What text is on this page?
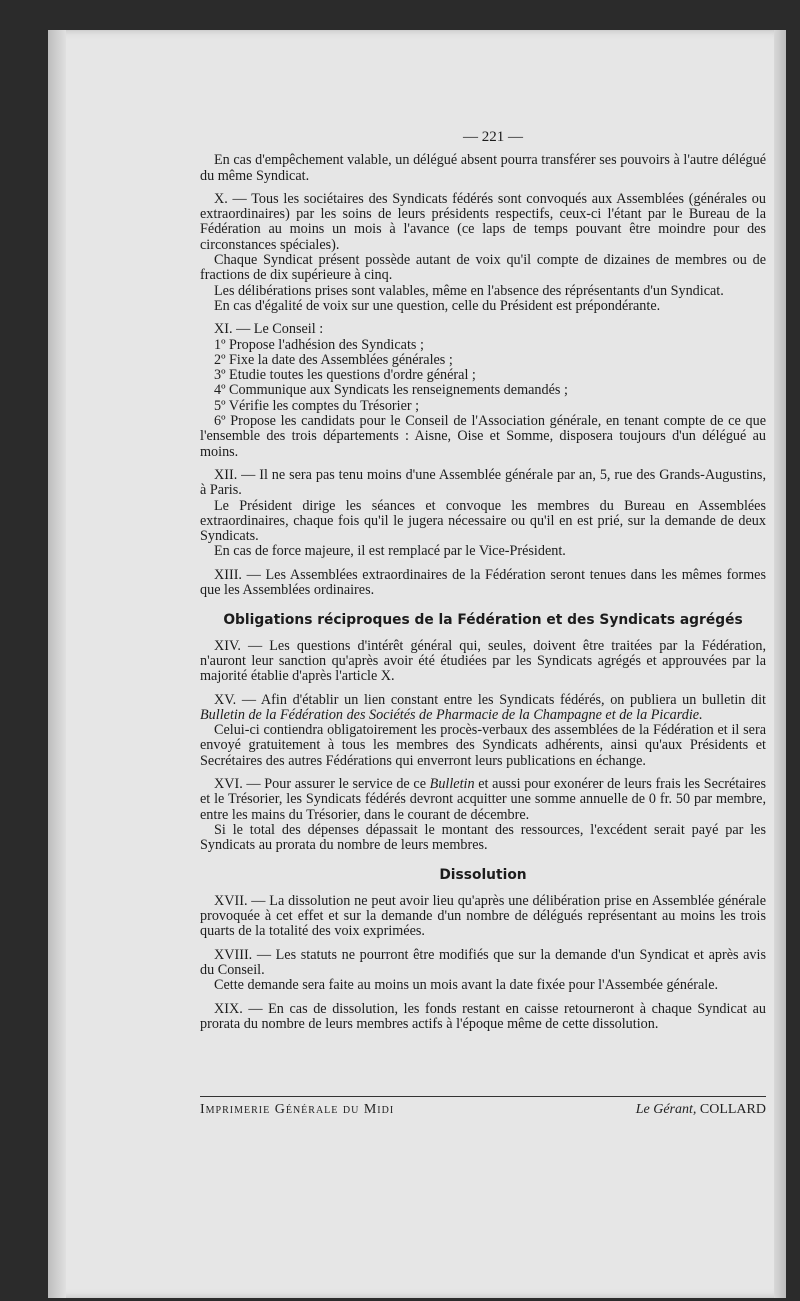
— 221 —

En cas d'empêchement valable, un délégué absent pourra transférer ses pouvoirs à l'autre délégué du même Syndicat.

X. — Tous les sociétaires des Syndicats fédérés sont convoqués aux Assemblées (générales ou extraordinaires) par les soins de leurs présidents respectifs, ceux-ci l'étant par le Bureau de la Fédération au moins un mois à l'avance (ce laps de temps pouvant être moindre pour des circonstances spéciales).

Chaque Syndicat présent possède autant de voix qu'il compte de dizaines de membres ou de fractions de dix supérieure à cinq.

Les délibérations prises sont valables, même en l'absence des réprésentants d'un Syndicat.

En cas d'égalité de voix sur une question, celle du Président est prépondérante.

XI. — Le Conseil :

1º Propose l'adhésion des Syndicats ;

2º Fixe la date des Assemblées générales ;

3º Etudie toutes les questions d'ordre général ;

4º Communique aux Syndicats les renseignements demandés ;

5º Vérifie les comptes du Trésorier ;

6º Propose les candidats pour le Conseil de l'Association générale, en tenant compte de ce que l'ensemble des trois départements : Aisne, Oise et Somme, disposera toujours d'un délégué au moins.

XII. — Il ne sera pas tenu moins d'une Assemblée générale par an, 5, rue des Grands-Augustins, à Paris.

Le Président dirige les séances et convoque les membres du Bureau en Assemblées extraordinaires, chaque fois qu'il le jugera nécessaire ou qu'il en est prié, sur la demande de deux Syndicats.

En cas de force majeure, il est remplacé par le Vice-Président.

XIII. — Les Assemblées extraordinaires de la Fédération seront tenues dans les mêmes formes que les Assemblées ordinaires.

Obligations réciproques de la Fédération et des Syndicats agrégés

XIV. — Les questions d'intérêt général qui, seules, doivent être traitées par la Fédération, n'auront leur sanction qu'après avoir été étudiées par les Syndicats agrégés et approuvées par la majorité établie d'après l'article X.

XV. — Afin d'établir un lien constant entre les Syndicats fédérés, on publiera un bulletin dit Bulletin de la Fédération des Sociétés de Pharmacie de la Champagne et de la Picardie.

Celui-ci contiendra obligatoirement les procès-verbaux des assemblées de la Fédération et il sera envoyé gratuitement à tous les membres des Syndicats adhérents, ainsi qu'aux Présidents et Secrétaires des autres Fédérations qui enverront leurs publications en échange.

XVI. — Pour assurer le service de ce Bulletin et aussi pour exonérer de leurs frais les Secrétaires et le Trésorier, les Syndicats fédérés devront acquitter une somme annuelle de 0 fr. 50 par membre, entre les mains du Trésorier, dans le courant de décembre.

Si le total des dépenses dépassait le montant des ressources, l'excédent serait payé par les Syndicats au prorata du nombre de leurs membres.

Dissolution

XVII. — La dissolution ne peut avoir lieu qu'après une délibération prise en Assemblée générale provoquée à cet effet et sur la demande d'un nombre de délégués représentant au moins les trois quarts de la totalité des voix exprimées.

XVIII. — Les statuts ne pourront être modifiés que sur la demande d'un Syndicat et après avis du Conseil.

Cette demande sera faite au moins un mois avant la date fixée pour l'Assembée générale.

XIX. — En cas de dissolution, les fonds restant en caisse retourneront à chaque Syndicat au prorata du nombre de leurs membres actifs à l'époque même de cette dissolution.

Imprimerie Générale du Midi	Le Gérant, COLLARD
